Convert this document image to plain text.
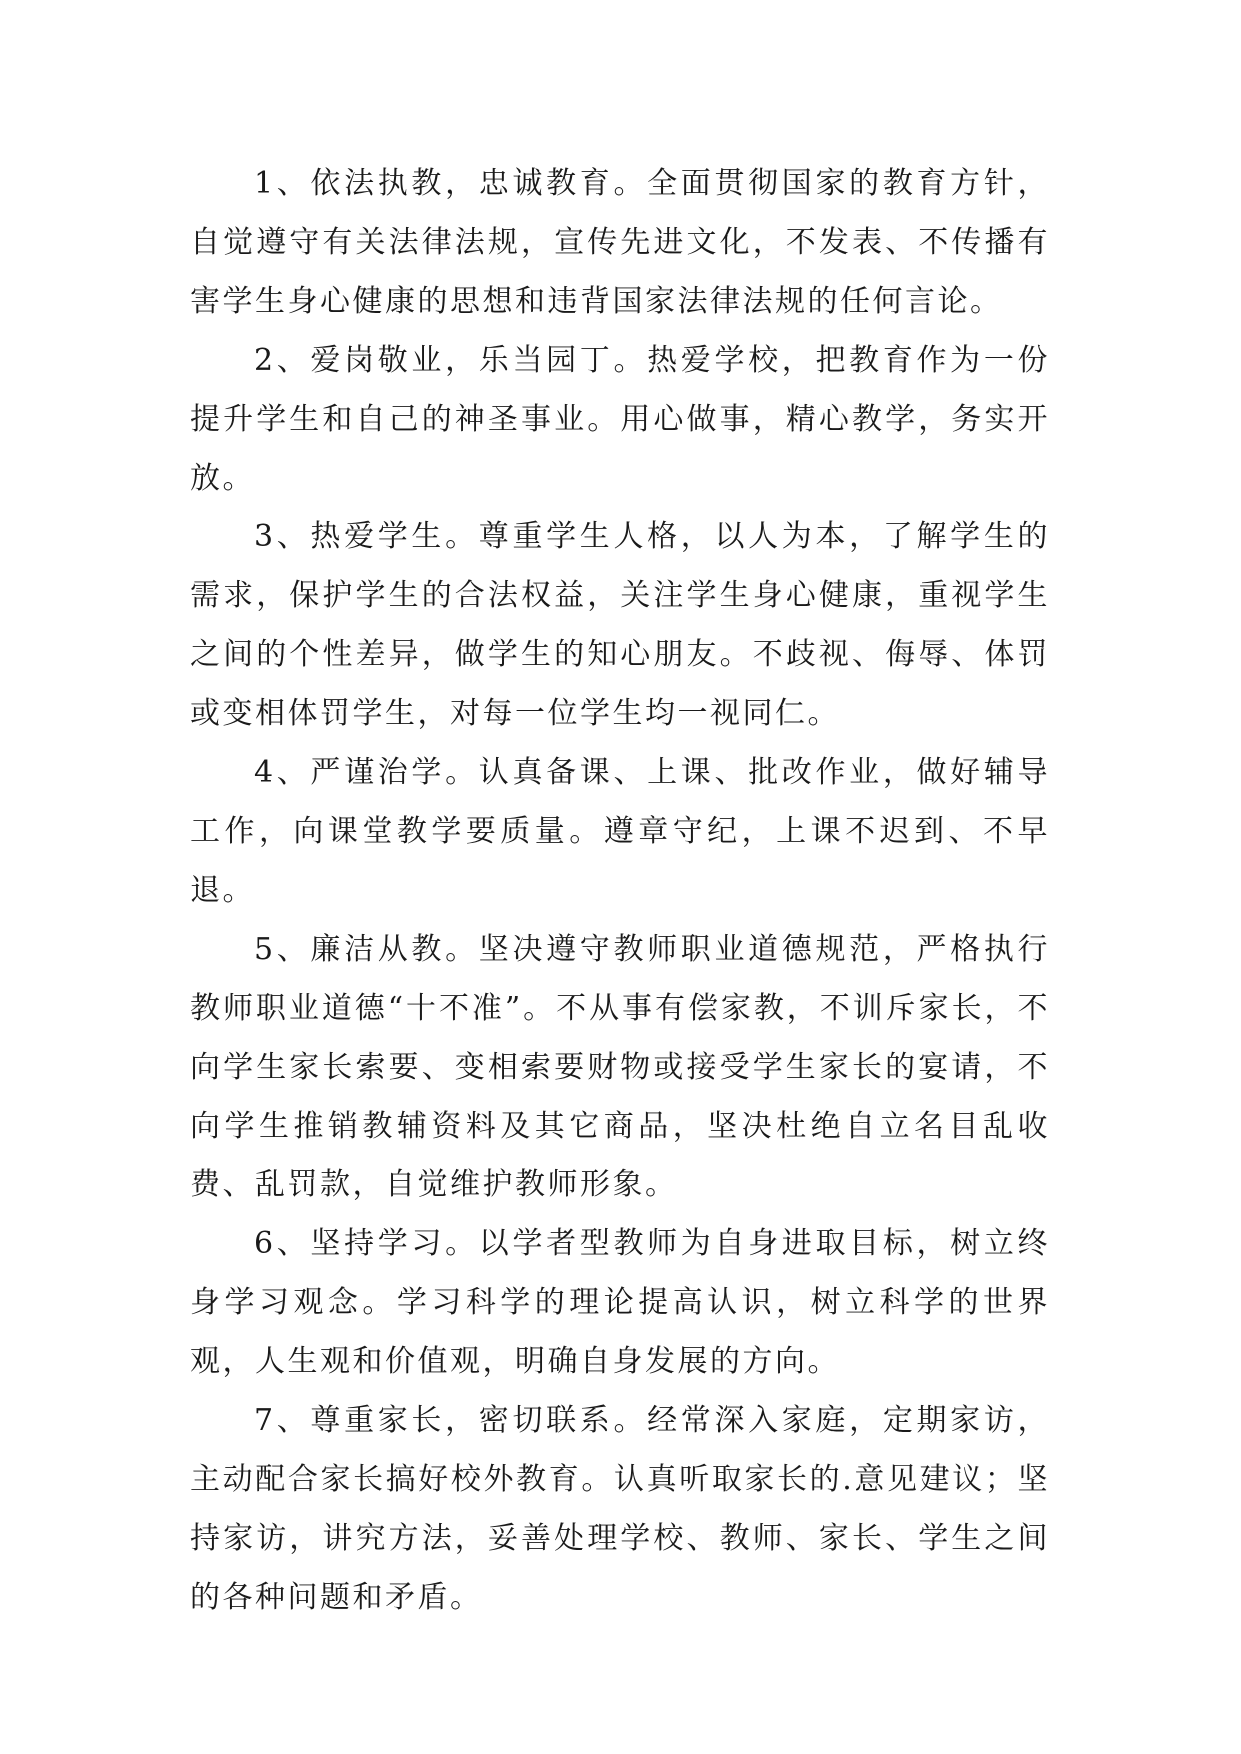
1、依法执教，忠诚教育。全面贯彻国家的教育方针，自觉遵守有关法律法规，宣传先进文化，不发表、不传播有害学生身心健康的思想和违背国家法律法规的任何言论。

2、爱岗敬业，乐当园丁。热爱学校，把教育作为一份提升学生和自己的神圣事业。用心做事，精心教学，务实开放。

3、热爱学生。尊重学生人格，以人为本，了解学生的需求，保护学生的合法权益，关注学生身心健康，重视学生之间的个性差异，做学生的知心朋友。不歧视、侮辱、体罚或变相体罚学生，对每一位学生均一视同仁。

4、严谨治学。认真备课、上课、批改作业，做好辅导工作，向课堂教学要质量。遵章守纪，上课不迟到、不早退。

5、廉洁从教。坚决遵守教师职业道德规范，严格执行教师职业道德“十不准”。不从事有偿家教，不训斥家长，不向学生家长索要、变相索要财物或接受学生家长的宴请，不向学生推销教辅资料及其它商品，坚决杜绝自立名目乱收费、乱罚款，自觉维护教师形象。

6、坚持学习。以学者型教师为自身进取目标，树立终身学习观念。学习科学的理论提高认识，树立科学的世界观，人生观和价值观，明确自身发展的方向。

7、尊重家长，密切联系。经常深入家庭，定期家访，主动配合家长搞好校外教育。认真听取家长的.意见建议；坚持家访，讲究方法，妥善处理学校、教师、家长、学生之间的各种问题和矛盾。
